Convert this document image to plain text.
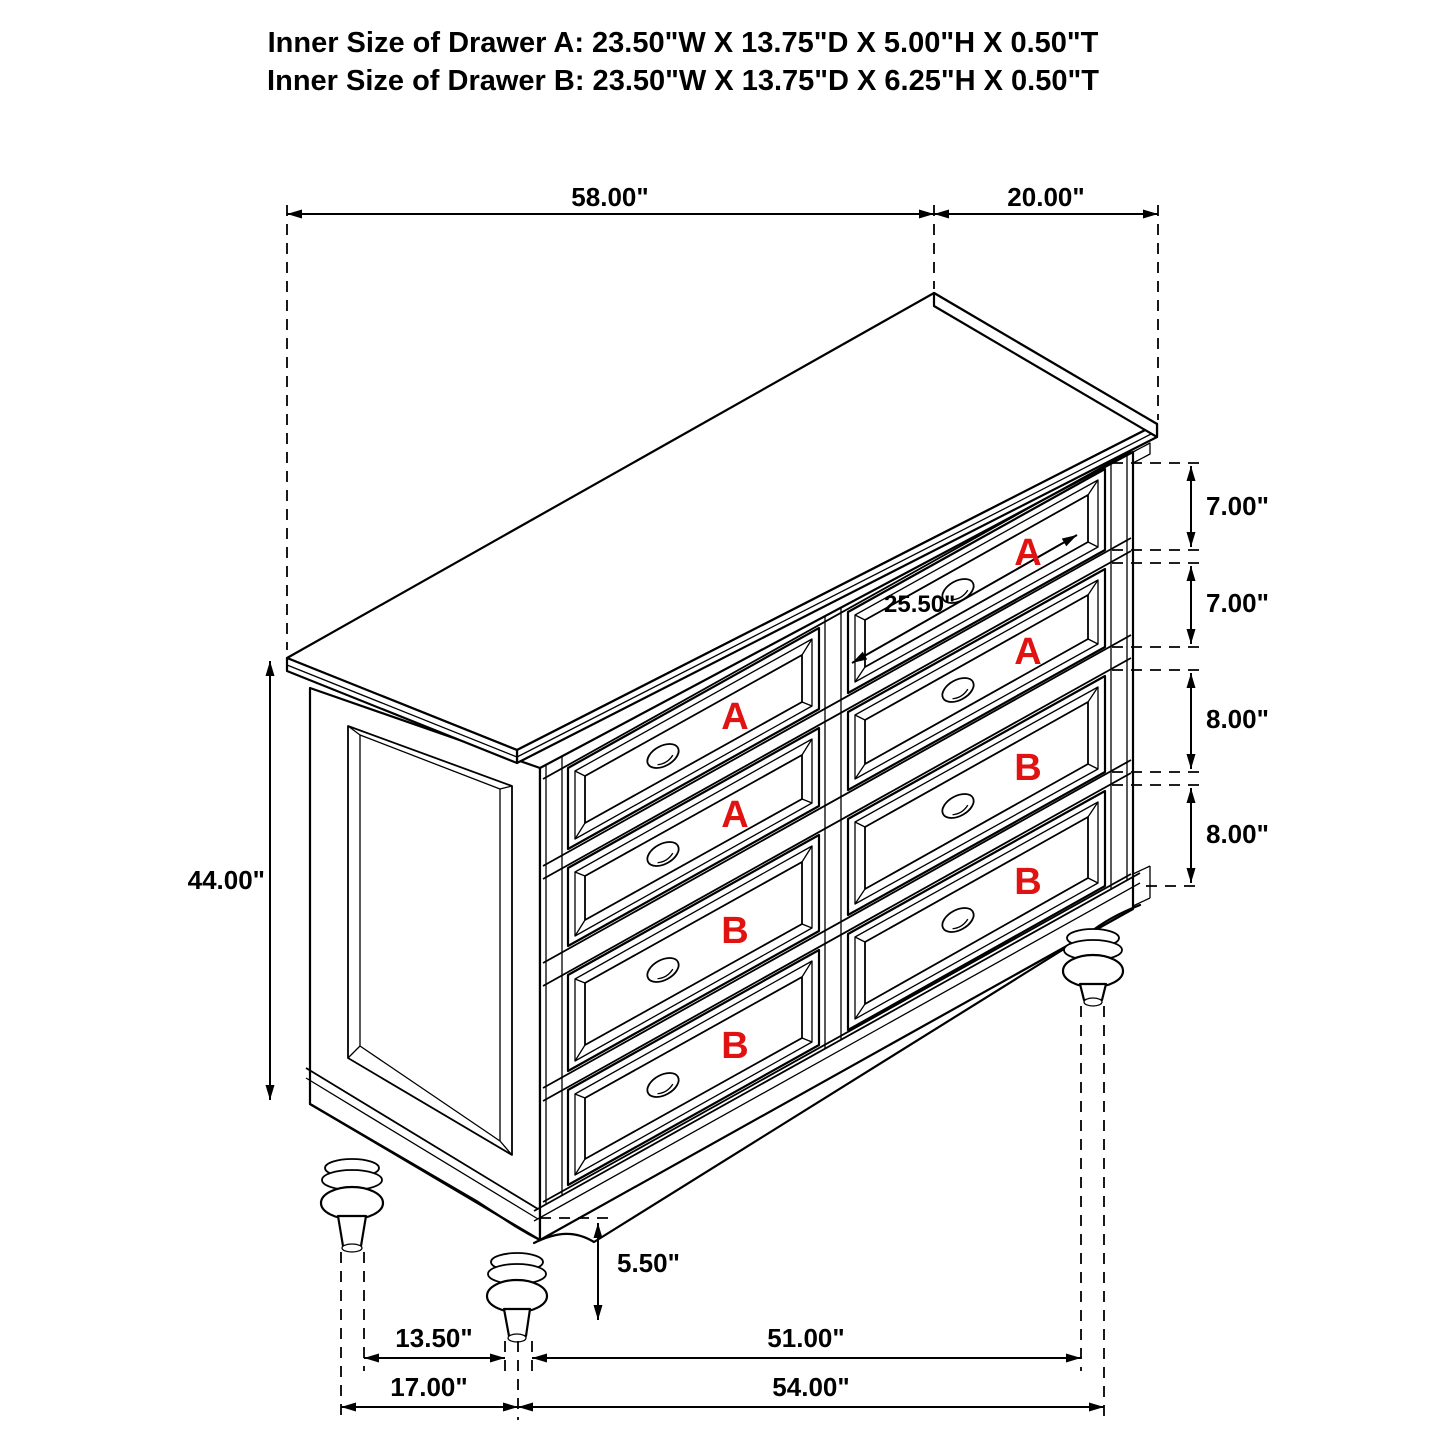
58.00"	20.00"
7.00"
7.00"
8.00"
8.00"
44.00"
25.50"
5.50"
13.50"	51.00"
17.00"	54.00"
A
A
B
B
A
A
B
B
Inner Size of Drawer A: 23.50"W X 13.75"D X 5.00"H X 0.50"T
Inner Size of Drawer B: 23.50"W X 13.75"D X 6.25"H X 0.50"T
